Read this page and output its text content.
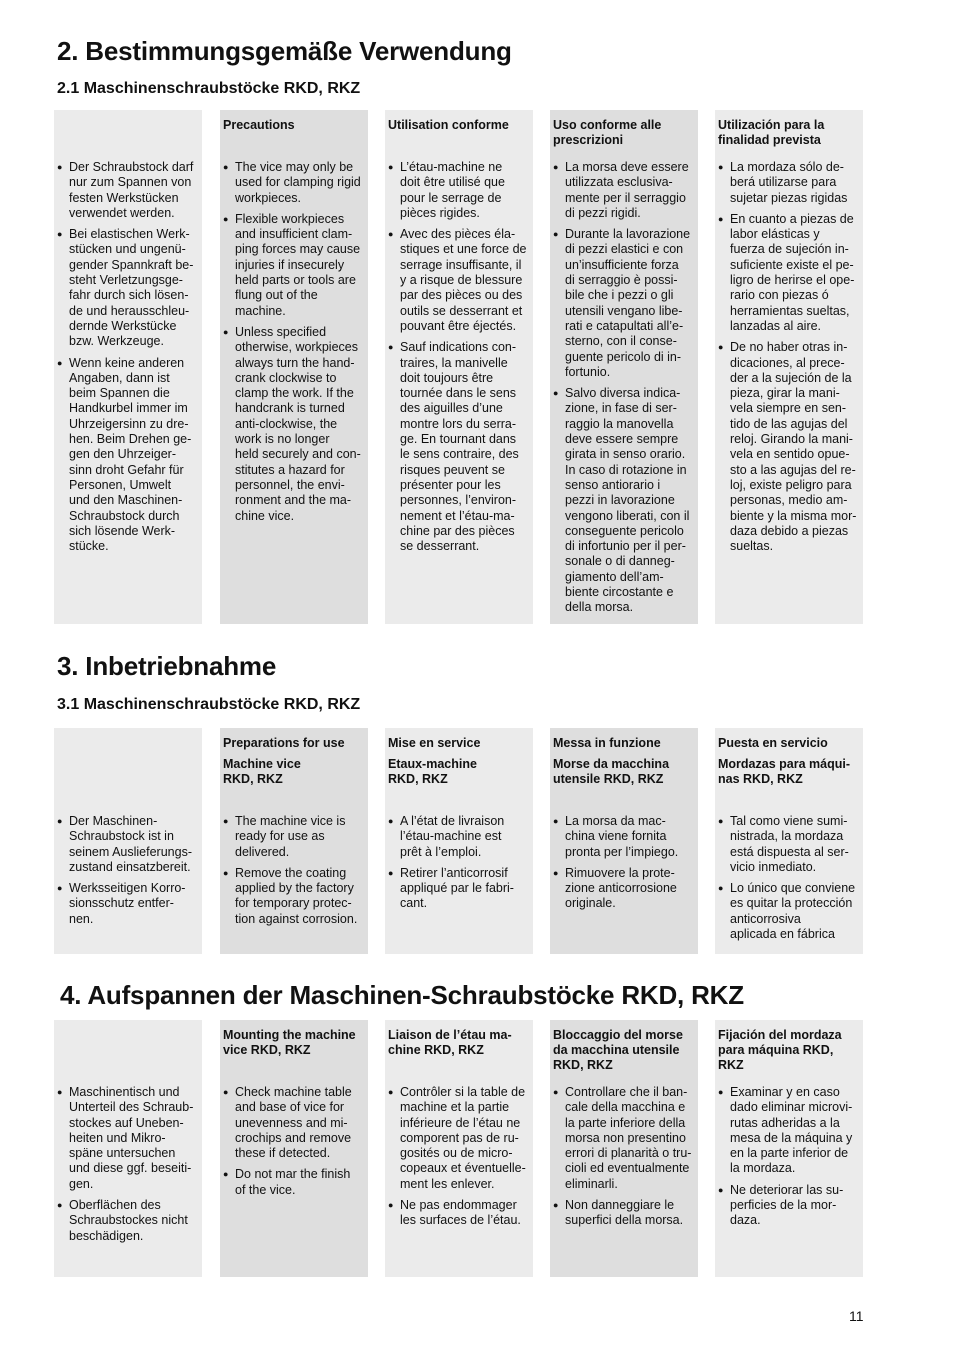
2. Bestimmungsgemäße Verwendung
2.1 Maschinenschraubstöcke RKD, RKZ
● Der Schraubstock darf
nur zum Spannen von
festen Werkstücken
verwendet werden.
● Bei elastischen Werk-
stücken und ungenü-
gender Spannkraft be-
steht Verletzungsge-
fahr durch sich lösen-
de und herausschleu-
dernde Werkstücke
bzw. Werkzeuge.
● Wenn keine anderen
Angaben, dann ist
beim Spannen die
Handkurbel immer im
Uhrzeigersinn zu dre-
hen. Beim Drehen ge-
gen den Uhrzeiger-
sinn droht Gefahr für
Personen, Umwelt
und den Maschinen-
Schraubstock durch
sich lösende Werk-
stücke.
Precautions
● The vice may only be
used for clamping rigid
workpieces.
● Flexible workpieces
and insufficient clam-
ping forces may cause
injuries if insecurely
held parts or tools are
flung out of the
machine.
● Unless specified
otherwise, workpieces
always turn the hand-
crank clockwise to
clamp the work. If the
handcrank is turned
anti-clockwise, the
work is no longer
held securely and con-
stitutes a hazard for
personnel, the envi-
ronment and the ma-
chine vice.
Utilisation conforme
● L’étau-machine ne
doit être utilisé que
pour le serrage de
pièces rigides.
● Avec des pièces éla-
stiques et une force de
serrage insuffisante, il
y a risque de blessure
par des pièces ou des
outils se desserrant et
pouvant être éjectés.
● Sauf indications con-
traires, la manivelle
doit toujours être
tournée dans le sens
des aiguilles d’une
montre lors du serra-
ge. En tournant dans
le sens contraire, des
risques peuvent se
présenter pour les
personnes, l’environ-
nement et l’étau-ma-
chine par des pièces
se desserrant.
Uso conforme alle
prescrizioni
● La morsa deve essere
utilizzata esclusiva-
mente per il serraggio
di pezzi rigidi.
● Durante la lavorazione
di pezzi elastici e con
un’insufficiente forza
di serraggio è possi-
bile che i pezzi o gli
utensili vengano libe-
rati e catapultati all’e-
sterno, con il conse-
guente pericolo di in-
fortunio.
● Salvo diversa indica-
zione, in fase di ser-
raggio la manovella
deve essere sempre
girata in senso orario.
In caso di rotazione in
senso antiorario i
pezzi in lavorazione
vengono liberati, con il
conseguente pericolo
di infortunio per il per-
sonale o di danneg-
giamento dell’am-
biente circostante e
della morsa.
Utilización para la
finalidad prevista
● La mordaza sólo de-
berá utilizarse para
sujetar piezas rigidas
● En cuanto a piezas de
labor elásticas y
fuerza de sujeción in-
suficiente existe el pe-
ligro de herirse el ope-
rario con piezas ó
herramientas sueltas,
lanzadas al aire.
● De no haber otras in-
dicaciones, al prece-
der a la sujeción de la
pieza, girar la mani-
vela siempre en sen-
tido de las agujas del
reloj. Girando la mani-
vela en sentido opue-
sto a las agujas del re-
loj, existe peligro para
personas, medio am-
biente y la misma mor-
daza debido a piezas
sueltas.
3. Inbetriebnahme
3.1 Maschinenschraubstöcke RKD, RKZ
● Der Maschinen-
Schraubstock ist in
seinem Auslieferungs-
zustand einsatzbereit.
● Werksseitigen Korro-
sionsschutz entfer-
nen.
Preparations for use
Machine vice
RKD, RKZ
● The machine vice is
ready for use as
delivered.
● Remove the coating
applied by the factory
for temporary protec-
tion against corrosion.
Mise en service
Etaux-machine
RKD, RKZ
● A l’état de livraison
l’étau-machine est
prêt à l’emploi.
● Retirer l’anticorrosif
appliqué par le fabri-
cant.
Messa in funzione
Morse da macchina
utensile RKD, RKZ
● La morsa da mac-
china viene fornita
pronta per l’impiego.
● Rimuovere la prote-
zione anticorrosione
originale.
Puesta en servicio
Mordazas para máqui-
nas RKD, RKZ
● Tal como viene sumi-
nistrada, la mordaza
está dispuesta al ser-
vicio inmediato.
● Lo único que conviene
es quitar la protección
anticorrosiva
aplicada en fábrica
4. Aufspannen der Maschinen-Schraubstöcke RKD, RKZ
● Maschinentisch und
Unterteil des Schraub-
stockes auf Uneben-
heiten und Mikro-
späne untersuchen
und diese ggf. beseiti-
gen.
● Oberflächen des
Schraubstockes nicht
beschädigen.
Mounting the machine
vice RKD, RKZ
● Check machine table
and base of vice for
unevenness and mi-
crochips and remove
these if detected.
● Do not mar the finish
of the vice.
Liaison de l’étau ma-
chine RKD, RKZ
● Contrôler si la table de
machine et la partie
inférieure de l’étau ne
comporent pas de ru-
gosités ou de micro-
copeaux et éventuelle-
ment les enlever.
● Ne pas endommager
les surfaces de l’étau.
Bloccaggio del morse
da macchina utensile
RKD, RKZ
● Controllare che il ban-
cale della macchina e
la parte inferiore della
morsa non presentino
errori di planarità o tru-
cioli ed eventualmente
eliminarli.
● Non danneggiare le
superfici della morsa.
Fijación del mordaza
para máquina RKD,
RKZ
● Examinar y en caso
dado eliminar microvi-
rutas adheridas a la
mesa de la máquina y
en la parte inferior de
la mordaza.
● Ne deteriorar las su-
perficies de la mor-
daza.
11
